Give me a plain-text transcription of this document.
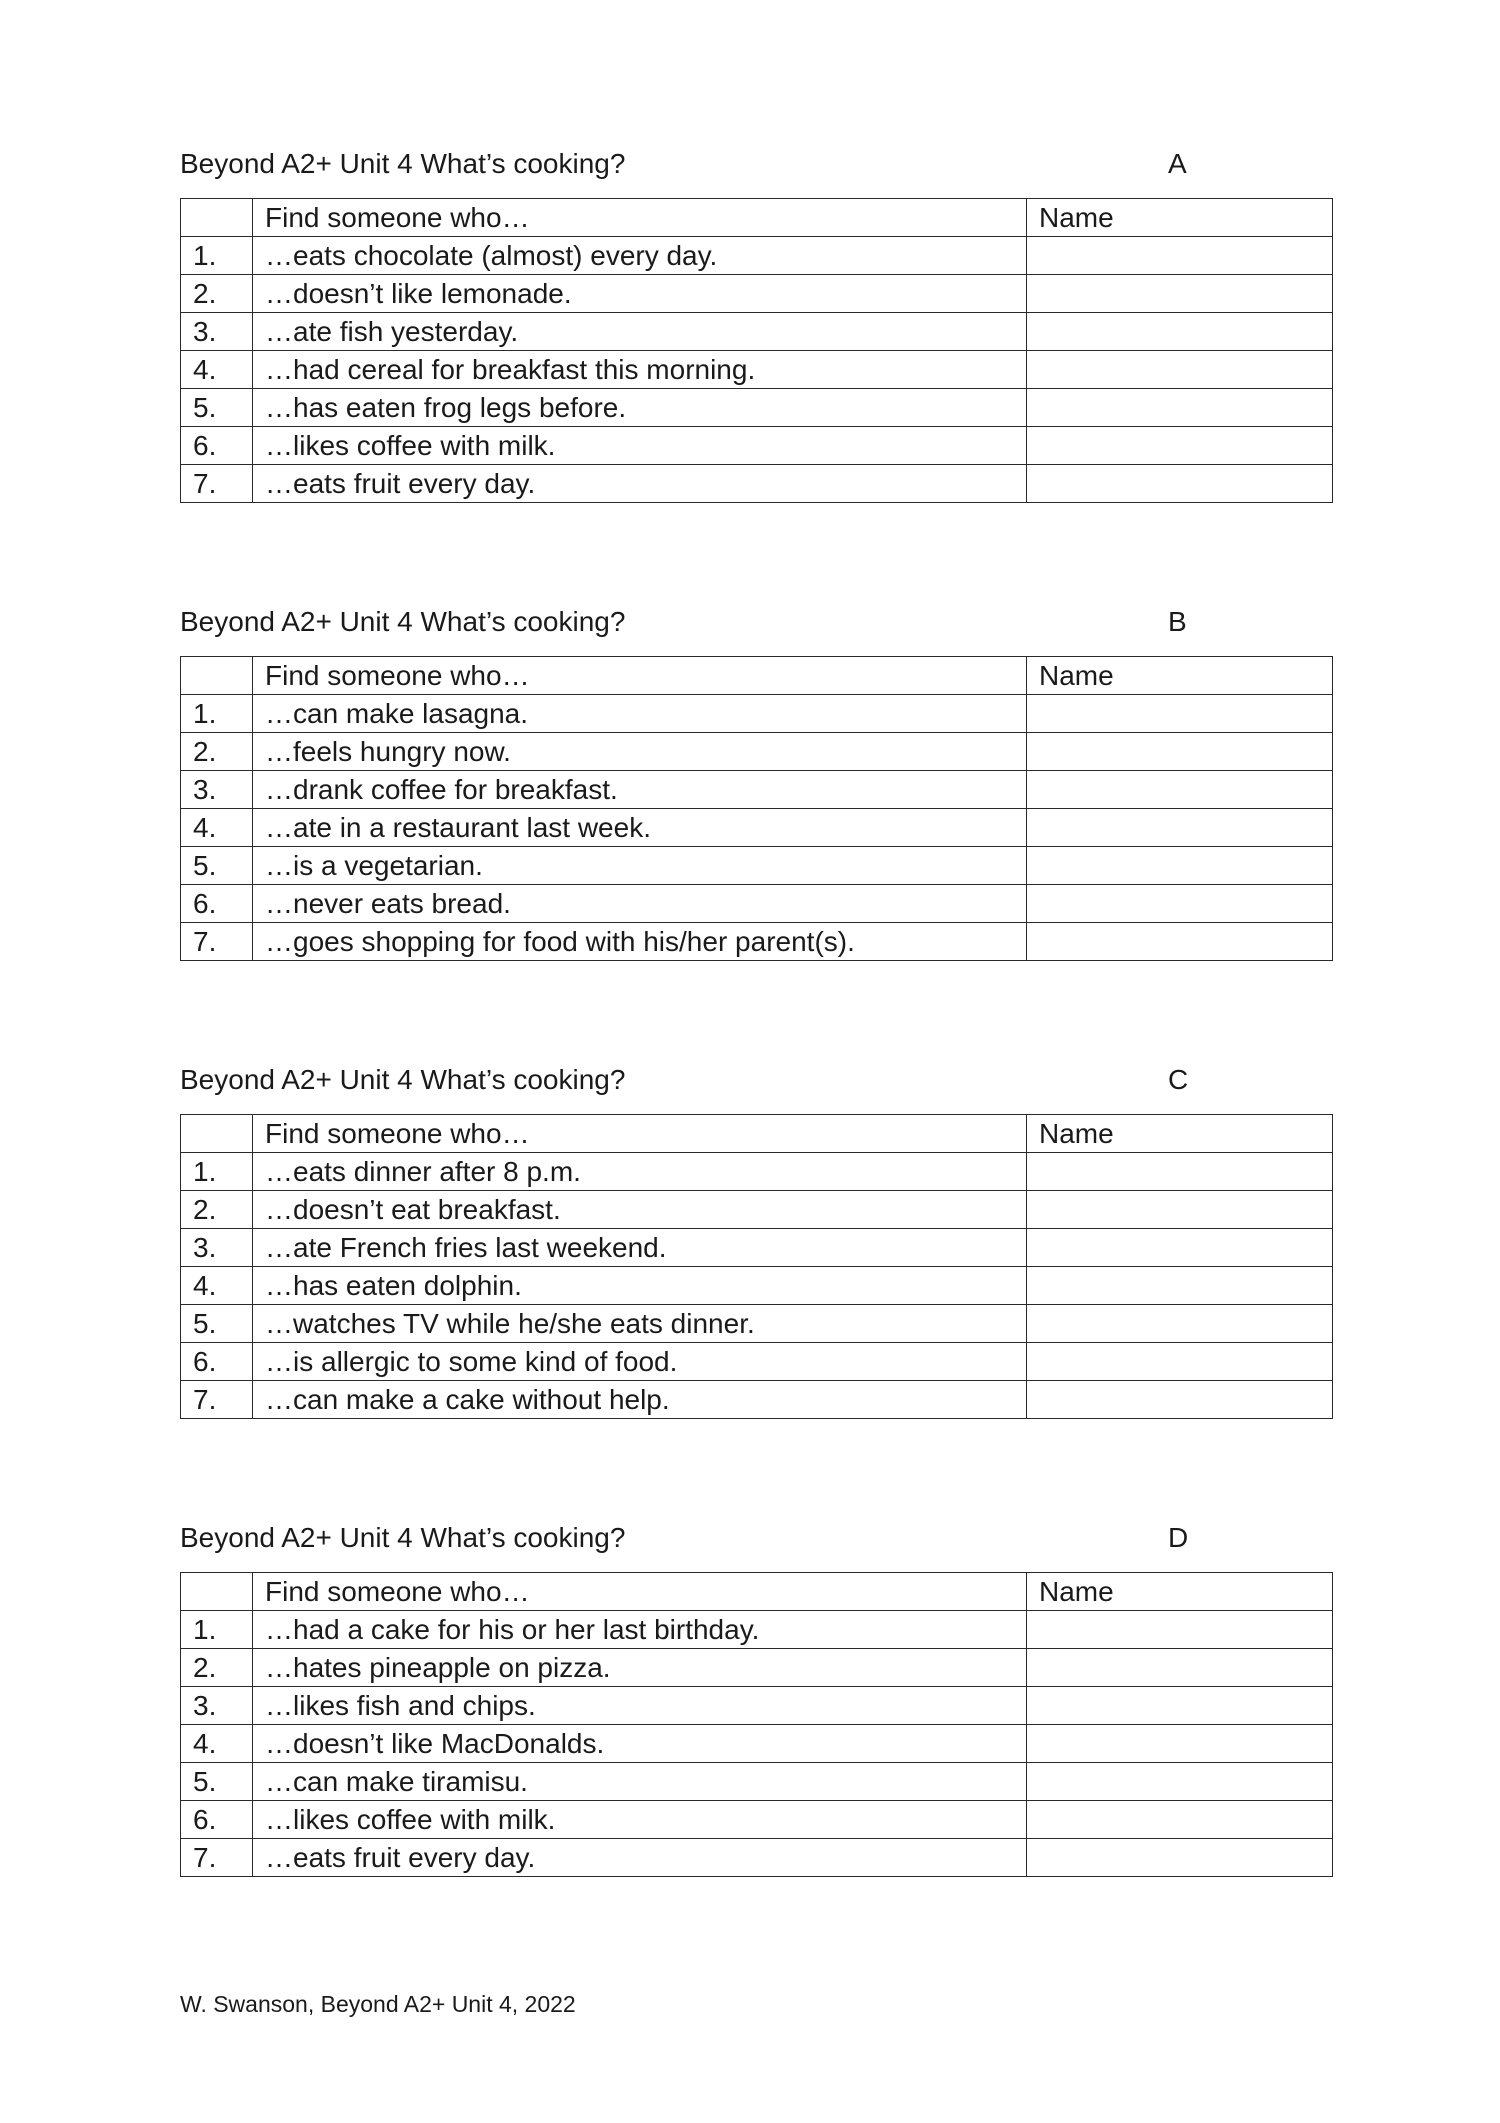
Beyond A2+ Unit 4 What’s cooking?	A
	Find someone who…	Name
1.	…eats chocolate (almost) every day.	
2.	…doesn’t like lemonade.	
3.	…ate fish yesterday.	
4.	…had cereal for breakfast this morning.	
5.	…has eaten frog legs before.	
6.	…likes coffee with milk.	
7.	…eats fruit every day.	
Beyond A2+ Unit 4 What’s cooking?	B
	Find someone who…	Name
1.	…can make lasagna.	
2.	…feels hungry now.	
3.	…drank coffee for breakfast.	
4.	…ate in a restaurant last week.	
5.	…is a vegetarian.	
6.	…never eats bread.	
7.	…goes shopping for food with his/her parent(s).	
Beyond A2+ Unit 4 What’s cooking?	C
	Find someone who…	Name
1.	…eats dinner after 8 p.m.	
2.	…doesn’t eat breakfast.	
3.	…ate French fries last weekend.	
4.	…has eaten dolphin.	
5.	…watches TV while he/she eats dinner.	
6.	…is allergic to some kind of food.	
7.	…can make a cake without help.	
Beyond A2+ Unit 4 What’s cooking?	D
	Find someone who…	Name
1.	…had a cake for his or her last birthday.	
2.	…hates pineapple on pizza.	
3.	…likes fish and chips.	
4.	…doesn’t like MacDonalds.	
5.	…can make tiramisu.	
6.	…likes coffee with milk.	
7.	…eats fruit every day.	
W. Swanson, Beyond A2+ Unit 4, 2022
